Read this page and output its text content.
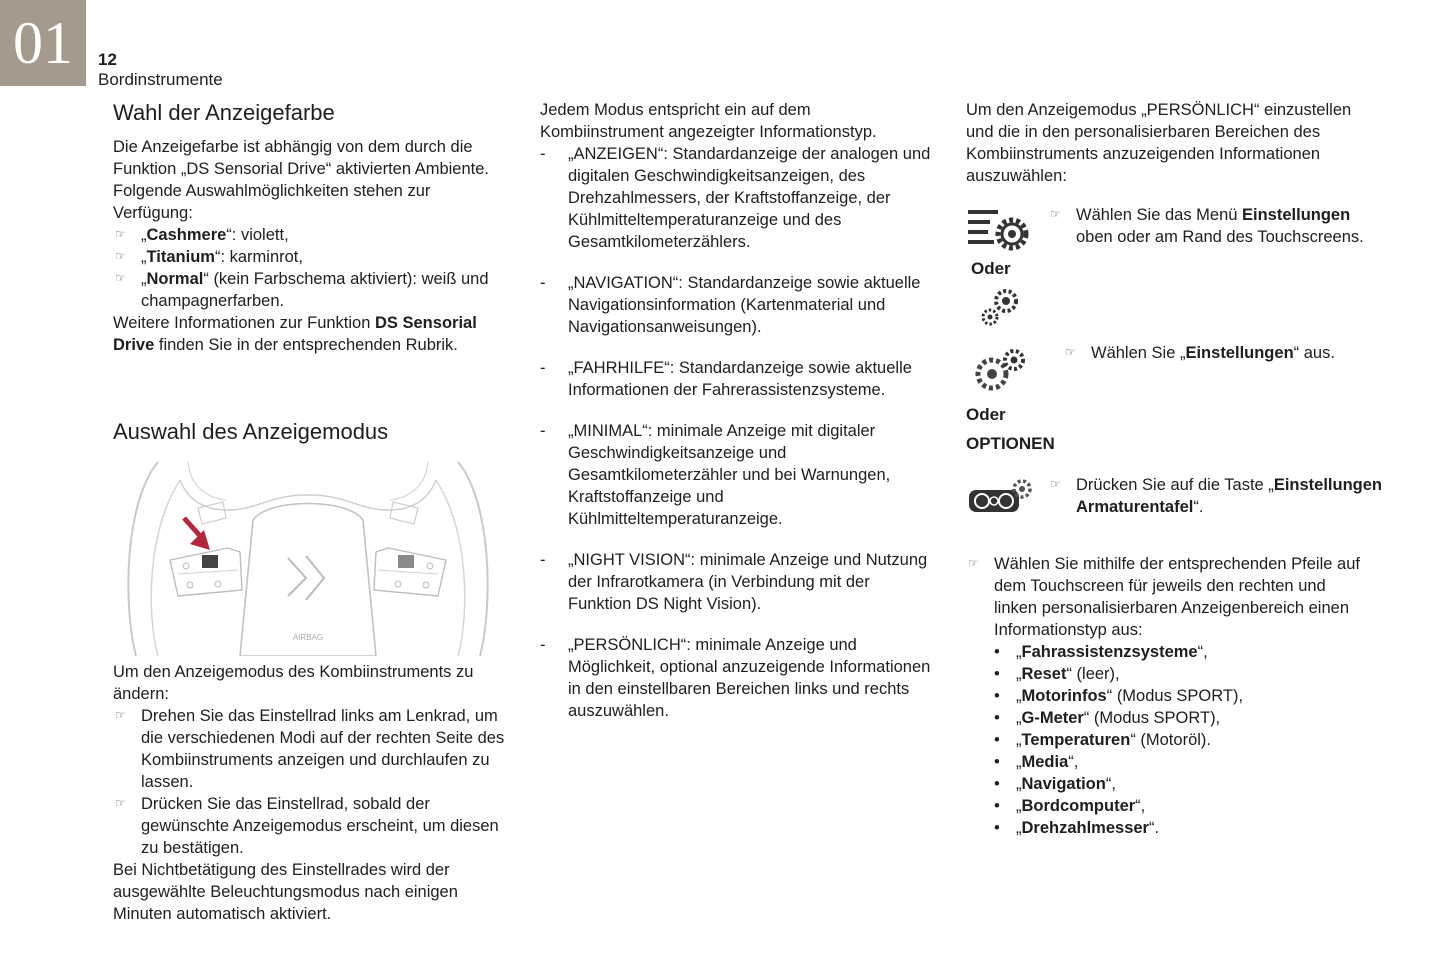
01	12
Bordinstrumente
Wahl der Anzeigefarbe

Die Anzeigefarbe ist abhängig von dem durch die Funktion „DS Sensorial Drive“ aktivierten Ambiente. Folgende Auswahlmöglichkeiten stehen zur Verfügung:

☞ „Cashmere“: violett,
☞ „Titanium“: karminrot,
☞ „Normal“ (kein Farbschema aktiviert): weiß und champagnerfarben.

Weitere Informationen zur Funktion DS Sensorial Drive finden Sie in der entsprechenden Rubrik.

Auswahl des Anzeigemodus
AIRBAG

Um den Anzeigemodus des Kombiinstruments zu ändern:

☞ Drehen Sie das Einstellrad links am Lenkrad, um die verschiedenen Modi auf der rechten Seite des Kombiinstruments anzeigen und durchlaufen zu lassen.
☞ Drücken Sie das Einstellrad, sobald der gewünschte Anzeigemodus erscheint, um diesen zu bestätigen.

Bei Nichtbetätigung des Einstellrades wird der ausgewählte Beleuchtungsmodus nach einigen Minuten automatisch aktiviert.

Jedem Modus entspricht ein auf dem Kombiinstrument angezeigter Informationstyp.

- „ANZEIGEN“: Standardanzeige der analogen und digitalen Geschwindigkeitsanzeigen, des Drehzahlmessers, der Kraftstoffanzeige, der Kühlmitteltemperaturanzeige und des Gesamtkilometerzählers.
- „NAVIGATION“: Standardanzeige sowie aktuelle Navigationsinformation (Kartenmaterial und Navigationsanweisungen).
- „FAHRHILFE“: Standardanzeige sowie aktuelle Informationen der Fahrerassistenzsysteme.
- „MINIMAL“: minimale Anzeige mit digitaler Geschwindigkeitsanzeige und Gesamtkilometerzähler und bei Warnungen, Kraftstoffanzeige und Kühlmitteltemperaturanzeige.
- „NIGHT VISION“: minimale Anzeige und Nutzung der Infrarotkamera (in Verbindung mit der Funktion DS Night Vision).
- „PERSÖNLICH“: minimale Anzeige und Möglichkeit, optional anzuzeigende Informationen in den einstellbaren Bereichen links und rechts auszuwählen.

Um den Anzeigemodus „PERSÖNLICH“ einzustellen und die in den personalisierbaren Bereichen des Kombiinstruments anzuzeigenden Informationen auszuwählen:

Oder
☞ Wählen Sie das Menü Einstellungen oben oder am Rand des Touchscreens.
☞ Wählen Sie „Einstellungen“ aus.
Oder
OPTIONEN
☞ Drücken Sie auf die Taste „Einstellungen Armaturentafel“.
☞ Wählen Sie mithilfe der entsprechenden Pfeile auf dem Touchscreen für jeweils den rechten und linken personalisierbaren Anzeigenbereich einen Informationstyp aus:
• „Fahrassistenzsysteme“,
• „Reset“ (leer),
• „Motorinfos“ (Modus SPORT),
• „G-Meter“ (Modus SPORT),
• „Temperaturen“ (Motoröl).
• „Media“,
• „Navigation“,
• „Bordcomputer“,
• „Drehzahlmesser“.
